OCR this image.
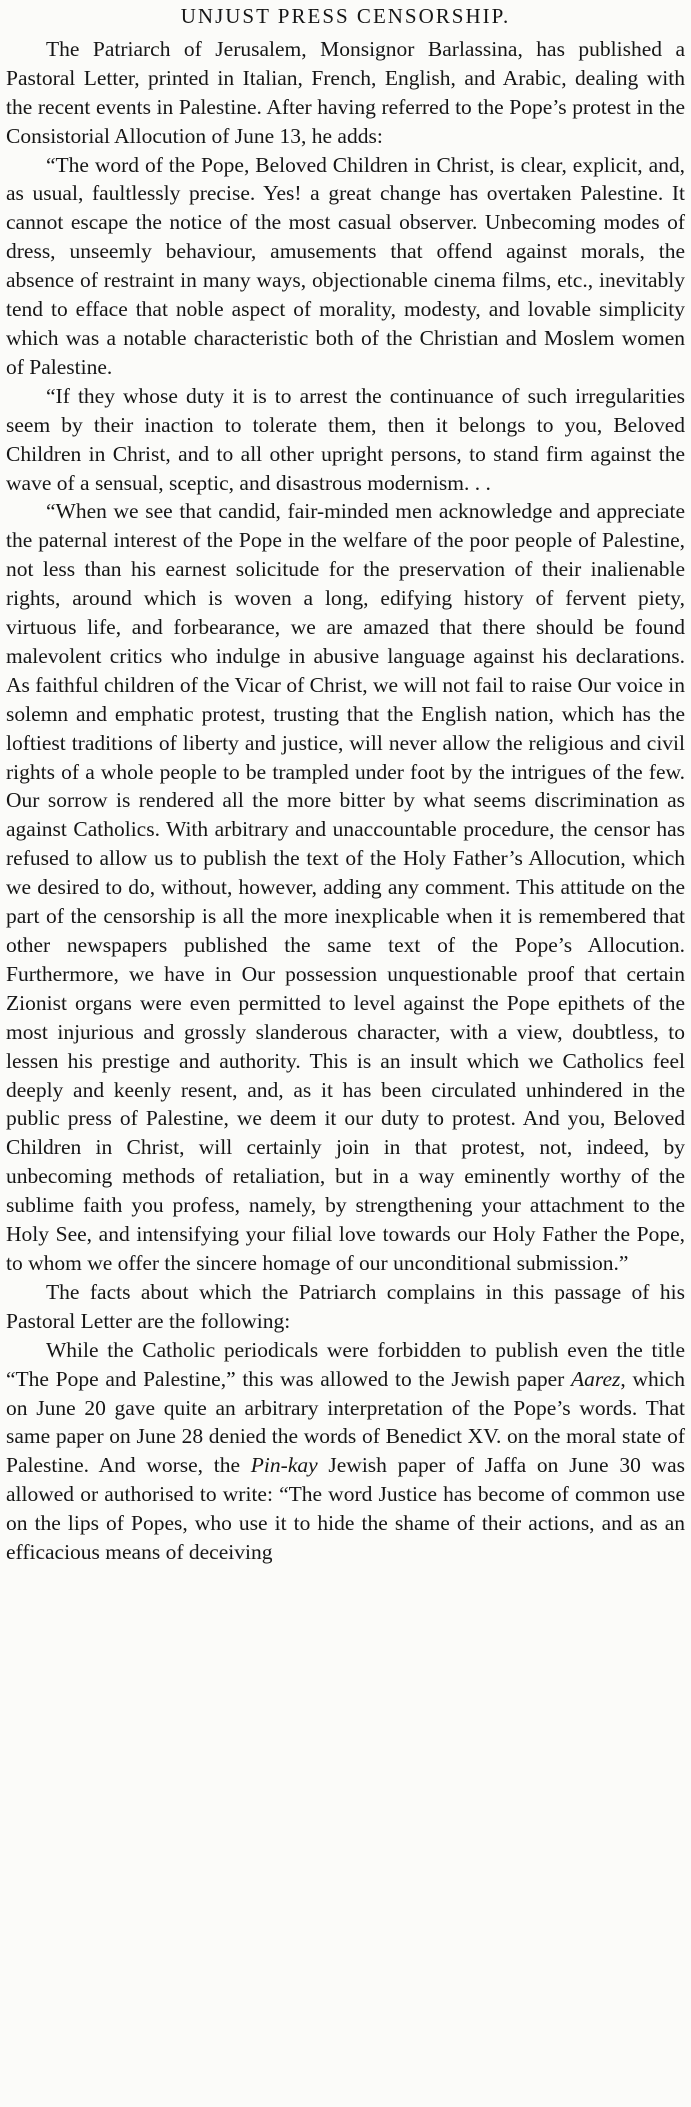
UNJUST PRESS CENSORSHIP.

The Patriarch of Jerusalem, Monsignor Barlassina, has published a Pastoral Letter, printed in Italian, French, English, and Arabic, dealing with the recent events in Palestine. After having referred to the Pope’s protest in the Consistorial Allocution of June 13, he adds:

“The word of the Pope, Beloved Children in Christ, is clear, explicit, and, as usual, faultlessly precise. Yes! a great change has overtaken Palestine. It cannot escape the notice of the most casual observer. Unbecoming modes of dress, unseemly behaviour, amusements that offend against morals, the absence of restraint in many ways, objectionable cinema films, etc., inevitably tend to efface that noble aspect of morality, modesty, and lovable simplicity which was a notable characteristic both of the Christian and Moslem women of Palestine.

“If they whose duty it is to arrest the continuance of such irregularities seem by their inaction to tolerate them, then it belongs to you, Beloved Children in Christ, and to all other upright persons, to stand firm against the wave of a sensual, sceptic, and disastrous modernism. . .

“When we see that candid, fair-minded men acknowledge and appreciate the paternal interest of the Pope in the welfare of the poor people of Palestine, not less than his earnest solicitude for the preservation of their inalienable rights, around which is woven a long, edifying history of fervent piety, virtuous life, and forbearance, we are amazed that there should be found malevolent critics who indulge in abusive language against his declarations. As faithful children of the Vicar of Christ, we will not fail to raise Our voice in solemn and emphatic protest, trusting that the English nation, which has the loftiest traditions of liberty and justice, will never allow the religious and civil rights of a whole people to be trampled under foot by the intrigues of the few. Our sorrow is rendered all the more bitter by what seems discrimination as against Catholics. With arbitrary and unaccountable procedure, the censor has refused to allow us to publish the text of the Holy Father’s Allocution, which we desired to do, without, however, adding any comment. This attitude on the part of the censorship is all the more inexplicable when it is remembered that other newspapers published the same text of the Pope’s Allocution. Furthermore, we have in Our possession unquestionable proof that certain Zionist organs were even permitted to level against the Pope epithets of the most injurious and grossly slanderous character, with a view, doubtless, to lessen his prestige and authority. This is an insult which we Catholics feel deeply and keenly resent, and, as it has been circulated unhindered in the public press of Palestine, we deem it our duty to protest. And you, Beloved Children in Christ, will certainly join in that protest, not, indeed, by unbecoming methods of retaliation, but in a way eminently worthy of the sublime faith you profess, namely, by strengthening your attachment to the Holy See, and intensifying your filial love towards our Holy Father the Pope, to whom we offer the sincere homage of our unconditional submission.”

The facts about which the Patriarch complains in this passage of his Pastoral Letter are the following:

While the Catholic periodicals were forbidden to publish even the title “The Pope and Palestine,” this was allowed to the Jewish paper Aarez, which on June 20 gave quite an arbitrary interpretation of the Pope’s words. That same paper on June 28 denied the words of Benedict XV. on the moral state of Palestine. And worse, the Pin-kay Jewish paper of Jaffa on June 30 was allowed or authorised to write: “The word Justice has become of common use on the lips of Popes, who use it to hide the shame of their actions, and as an efficacious means of deceiving
